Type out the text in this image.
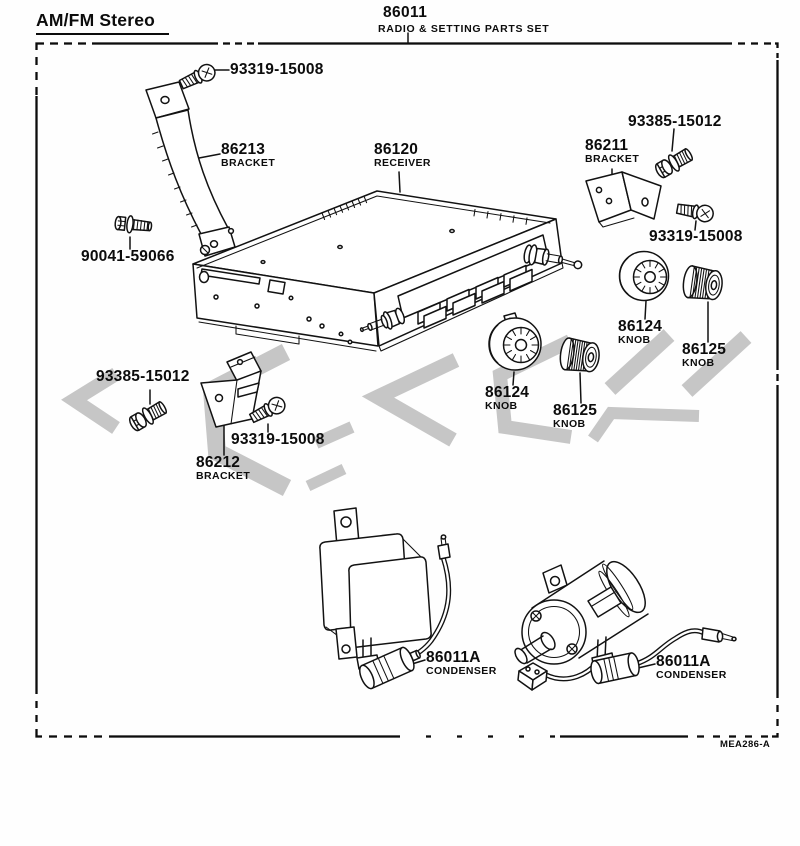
AM/FM Stereo	86011
RADIO & SETTING PARTS SET
93319-15008
86213
BRACKET
86120
RECEIVER
86211
BRACKET
93385-15012
93319-15008
90041-59066
86124
KNOB
86125
KNOB
86124
KNOB	86125
KNOB
93385-15012
93319-15008
86212
BRACKET
86011A
CONDENSER
86011A
CONDENSER
MEA286-A
